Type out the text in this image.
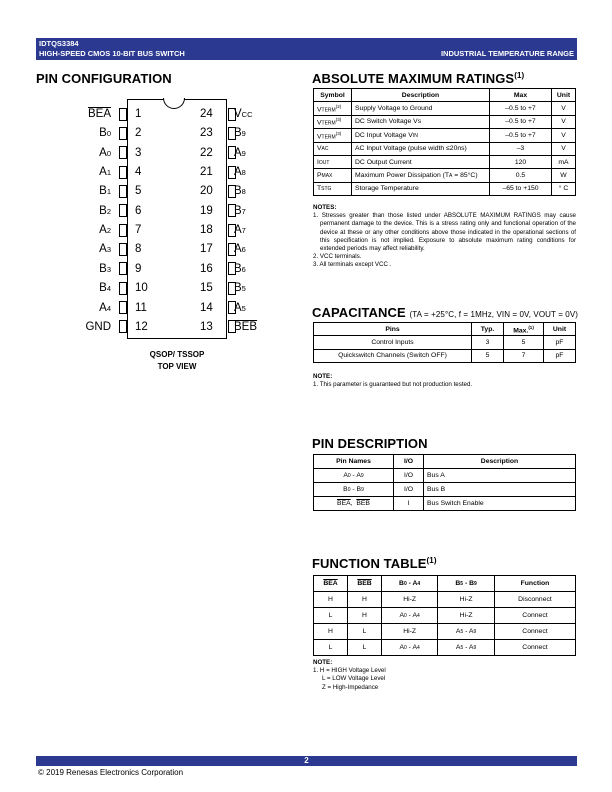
IDTQS3384
HIGH-SPEED CMOS 10-BIT BUS SWITCH	INDUSTRIAL TEMPERATURE RANGE
PIN CONFIGURATION
$\overline{BEA}$ 1
B0 2
A0 3
A1 4
B1 5
B2 6
A2 7
A3 8
B3 9
B4 10
A4 11
GND 12
24 VCC
23 B9
22 A9
21 A8
20 B8
19 B7
18 A7
17 A6
16 B6
15 B5
14 A5
13 $\overline{BEB}$
QSOP/ TSSOP
TOP VIEW
ABSOLUTE MAXIMUM RATINGS$^{(1)}$
Symbol	Description	Max	Unit
VTERM$^{(2)}$	Supply Voltage to Ground	–0.5 to +7	V
VTERM$^{(3)}$	DC Switch Voltage Vs	–0.5 to +7	V
VTERM$^{(3)}$	DC Input Voltage VIN	–0.5 to +7	V
VAC	AC Input Voltage (pulse width ≤20ns)	–3	V
IOUT	DC Output Current	120	mA
PMAX	Maximum Power Dissipation (TA = 85°C)	0.5	W
TSTG	Storage Temperature	–65 to +150	° C
NOTES:

1. Stresses greater than those listed under ABSOLUTE MAXIMUM RATINGS may cause permanent damage to the device. This is a stress rating only and functional operation of the device at these or any other conditions above those indicated in the operational sections of this specification is not implied. Exposure to absolute maximum rating conditions for extended periods may affect reliability.

2. VCC terminals.

3. All terminals except VCC .

CAPACITANCE (TA = +25°C, f = 1MHz, VIN = 0V, VOUT = 0V)
Pins	Typ.	Max.$^{(1)}$	Unit
Control Inputs	3	5	pF
Quickswitch Channels (Switch OFF)	5	7	pF
NOTE:

1. This parameter is guaranteed but not production tested.

PIN DESCRIPTION
Pin Names	I/O	Description
A0 - A9	I/O	Bus A
B0 - B9	I/O	Bus B
$\overline{BEA}$,  $\overline{BEB}$	I	Bus Switch Enable
FUNCTION TABLE$^{(1)}$
$\overline{BEA}$	$\overline{BEB}$	B0 - A4	B5 - B9	Function
H	H	Hi-Z	Hi-Z	Disconnect
L	H	A0 - A4	Hi-Z	Connect
H	L	Hi-Z	A5 - A9	Connect
L	L	A0 - A4	A5 - A9	Connect
NOTE:

1. H = HIGH Voltage Level

L = LOW Voltage Level

Z = High-Impedance

2
© 2019 Renesas Electronics Corporation
